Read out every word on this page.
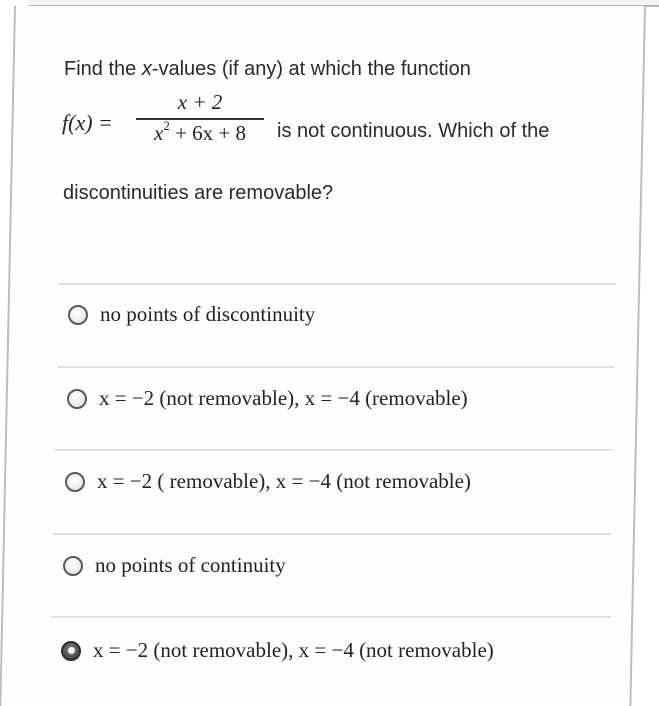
Find the x-values (if any) at which the function
f(x) =
x + 2
$x^2 + 6x + 8$	is not continuous. Which of the
discontinuities are removable?
no points of discontinuity
x = −2 (not removable), x = −4 (removable)
x = −2 ( removable), x = −4 (not removable)
no points of continuity
x = −2 (not removable), x = −4 (not removable)
